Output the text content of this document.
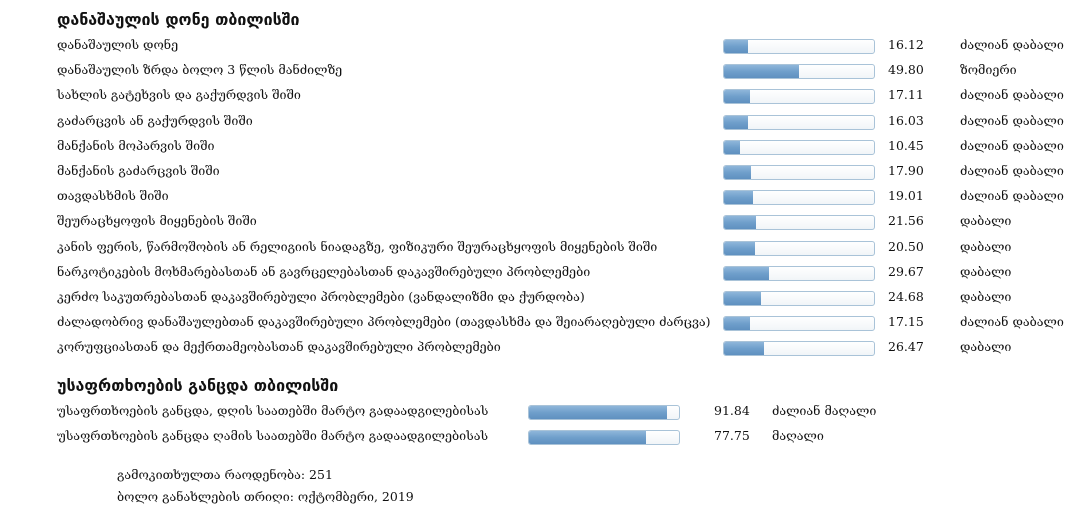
დანაშაულის დონე თბილისში
დანაშაულის დონე	16.12	ძალიან დაბალი
დანაშაულის ზრდა ბოლო 3 წლის მანძილზე	49.80	ზომიერი
სახლის გატეხვის და გაქურდვის შიში	17.11	ძალიან დაბალი
გაძარცვის ან გაქურდვის შიში	16.03	ძალიან დაბალი
მანქანის მოპარვის შიში	10.45	ძალიან დაბალი
მანქანის გაძარცვის შიში	17.90	ძალიან დაბალი
თავდასხმის შიში	19.01	ძალიან დაბალი
შეურაცხყოფის მიყენების შიში	21.56	დაბალი
კანის ფერის, წარმოშობის ან რელიგიის ნიადაგზე, ფიზიკური შეურაცხყოფის მიყენების შიში	20.50	დაბალი
ნარკოტიკების მოხმარებასთან ან გავრცელებასთან დაკავშირებული პრობლემები	29.67	დაბალი
კერძო საკუთრებასთან დაკავშირებული პრობლემები (ვანდალიზმი და ქურდობა)	24.68	დაბალი
ძალადობრივ დანაშაულებთან დაკავშირებული პრობლემები (თავდასხმა და შეიარაღებული ძარცვა)	17.15	ძალიან დაბალი
კორუფციასთან და მექრთამეობასთან დაკავშირებული პრობლემები	26.47	დაბალი
უსაფრთხოების განცდა თბილისში
უსაფრთხოების განცდა, დღის საათებში მარტო გადაადგილებისას	91.84 ძალიან მაღალი
უსაფრთხოების განცდა ღამის საათებში მარტო გადაადგილებისას	77.75 მაღალი
გამოკითხულთა რაოდენობა: 251
ბოლო განახლების თრიღი: ოქტომბერი, 2019
